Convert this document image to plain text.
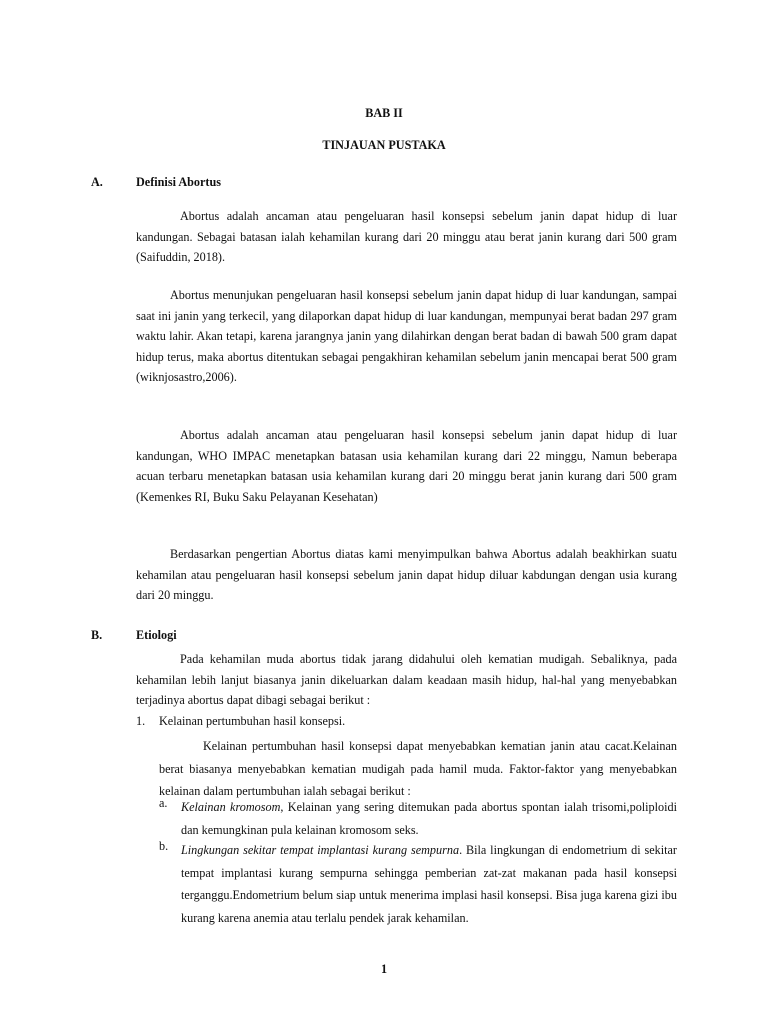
BAB II
TINJAUAN PUSTAKA
A.	Definisi Abortus
Abortus adalah ancaman atau pengeluaran hasil konsepsi sebelum janin dapat hidup di luar kandungan. Sebagai batasan ialah kehamilan kurang dari 20 minggu atau berat janin kurang dari 500 gram (Saifuddin, 2018).
Abortus menunjukan pengeluaran hasil konsepsi sebelum janin dapat hidup di luar kandungan, sampai saat ini janin yang terkecil, yang dilaporkan dapat hidup di luar kandungan, mempunyai berat badan 297 gram waktu lahir. Akan tetapi, karena jarangnya janin yang dilahirkan dengan berat badan di bawah 500 gram dapat hidup terus, maka abortus ditentukan sebagai pengakhiran kehamilan sebelum janin mencapai berat 500 gram (wiknjosastro,2006).
Abortus adalah ancaman atau pengeluaran hasil konsepsi sebelum janin dapat hidup di luar kandungan, WHO IMPAC menetapkan batasan usia kehamilan kurang dari 22 minggu, Namun beberapa acuan terbaru menetapkan batasan usia kehamilan kurang dari 20 minggu berat janin kurang dari 500 gram (Kemenkes RI, Buku Saku Pelayanan Kesehatan)
Berdasarkan pengertian Abortus diatas kami menyimpulkan bahwa Abortus adalah beakhirkan suatu kehamilan atau pengeluaran hasil konsepsi sebelum janin dapat hidup diluar kabdungan dengan usia kurang dari 20 minggu.
B.	Etiologi
Pada kehamilan muda abortus tidak jarang didahului oleh kematian mudigah. Sebaliknya, pada kehamilan lebih lanjut biasanya janin dikeluarkan dalam keadaan masih hidup, hal-hal yang menyebabkan terjadinya abortus dapat dibagi sebagai berikut :
1. Kelainan pertumbuhan hasil konsepsi.
Kelainan pertumbuhan hasil konsepsi dapat menyebabkan kematian janin atau cacat.Kelainan berat biasanya menyebabkan kematian mudigah pada hamil muda. Faktor-faktor yang menyebabkan kelainan dalam pertumbuhan ialah sebagai berikut :
a. Kelainan kromosom, Kelainan yang sering ditemukan pada abortus spontan ialah trisomi,poliploidi dan kemungkinan pula kelainan kromosom seks.
b. Lingkungan sekitar tempat implantasi kurang sempurna. Bila lingkungan di endometrium di sekitar tempat implantasi kurang sempurna sehingga pemberian zat-zat makanan pada hasil konsepsi terganggu.Endometrium belum siap untuk menerima implasi hasil konsepsi. Bisa juga karena gizi ibu kurang karena anemia atau terlalu pendek jarak kehamilan.
1
